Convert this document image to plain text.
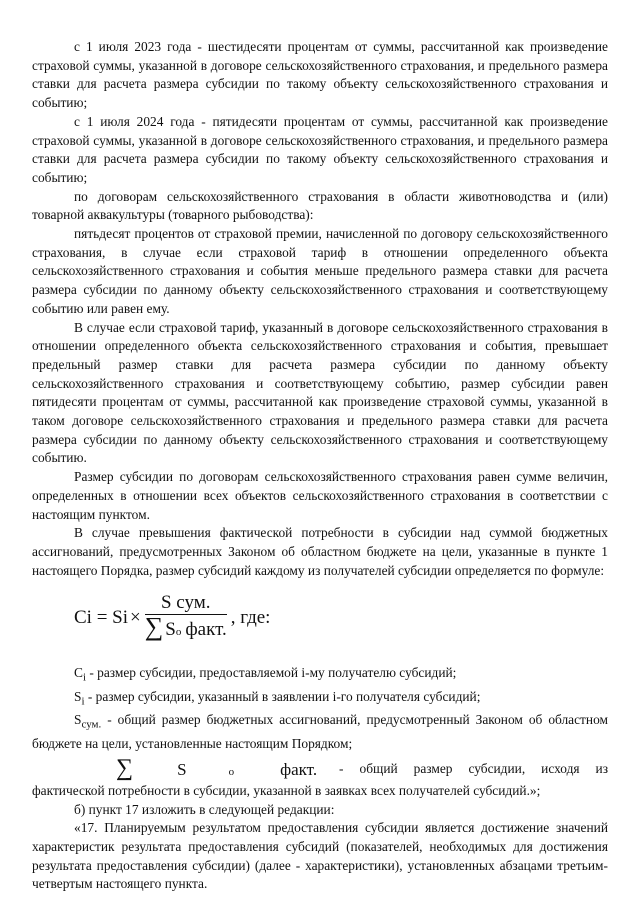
с 1 июля 2023 года - шестидесяти процентам от суммы, рассчитанной как произведение страховой суммы, указанной в договоре сельскохозяйственного страхования, и предельного размера ставки для расчета размера субсидии по такому объекту сельскохозяйственного страхования и событию;

с 1 июля 2024 года - пятидесяти процентам от суммы, рассчитанной как произведение страховой суммы, указанной в договоре сельскохозяйственного страхования, и предельного размера ставки для расчета размера субсидии по такому объекту сельскохозяйственного страхования и событию;

по договорам сельскохозяйственного страхования в области животноводства и (или) товарной аквакультуры (товарного рыбоводства):

пятьдесят процентов от страховой премии, начисленной по договору сельскохозяйственного страхования, в случае если страховой тариф в отношении определенного объекта сельскохозяйственного страхования и события меньше предельного размера ставки для расчета размера субсидии по данному объекту сельскохозяйственного страхования и соответствующему событию или равен ему.

В случае если страховой тариф, указанный в договоре сельскохозяйственного страхования в отношении определенного объекта сельскохозяйственного страхования и события, превышает предельный размер ставки для расчета размера субсидии по данному объекту сельскохозяйственного страхования и соответствующему событию, размер субсидии равен пятидесяти процентам от суммы, рассчитанной как произведение страховой суммы, указанной в таком договоре сельскохозяйственного страхования и предельного размера ставки для расчета размера субсидии по данному объекту сельскохозяйственного страхования и соответствующему событию.

Размер субсидии по договорам сельскохозяйственного страхования равен сумме величин, определенных в отношении всех объектов сельскохозяйственного страхования в соответствии с настоящим пунктом.

В случае превышения фактической потребности в субсидии над суммой бюджетных ассигнований, предусмотренных Законом об областном бюджете на цели, указанные в пункте 1 настоящего Порядка, размер субсидий каждому из получателей субсидии определяется по формуле:

$Ci = Si \times \frac{\text{S сум.}}{\text{∑ S o факт.}}$ , где:

$C_i$ - размер субсидии, предоставляемой i-му получателю субсидий;

$S_i$ - размер субсидии, указанный в заявлении i-го получателя субсидий;

$S_{сум.}$ - общий размер бюджетных ассигнований, предусмотренный Законом об областном бюджете на цели, установленные настоящим Порядком;

∑	S	o	факт. - общий размер субсидии, исходя из фактической потребности в субсидии, указанной в заявках всех получателей субсидий.»;

б) пункт 17 изложить в следующей редакции:

«17. Планируемым результатом предоставления субсидии является достижение значений характеристик результата предоставления субсидий (показателей, необходимых для достижения результата предоставления субсидии) (далее - характеристики), установленных абзацами третьим-четвертым настоящего пункта.
